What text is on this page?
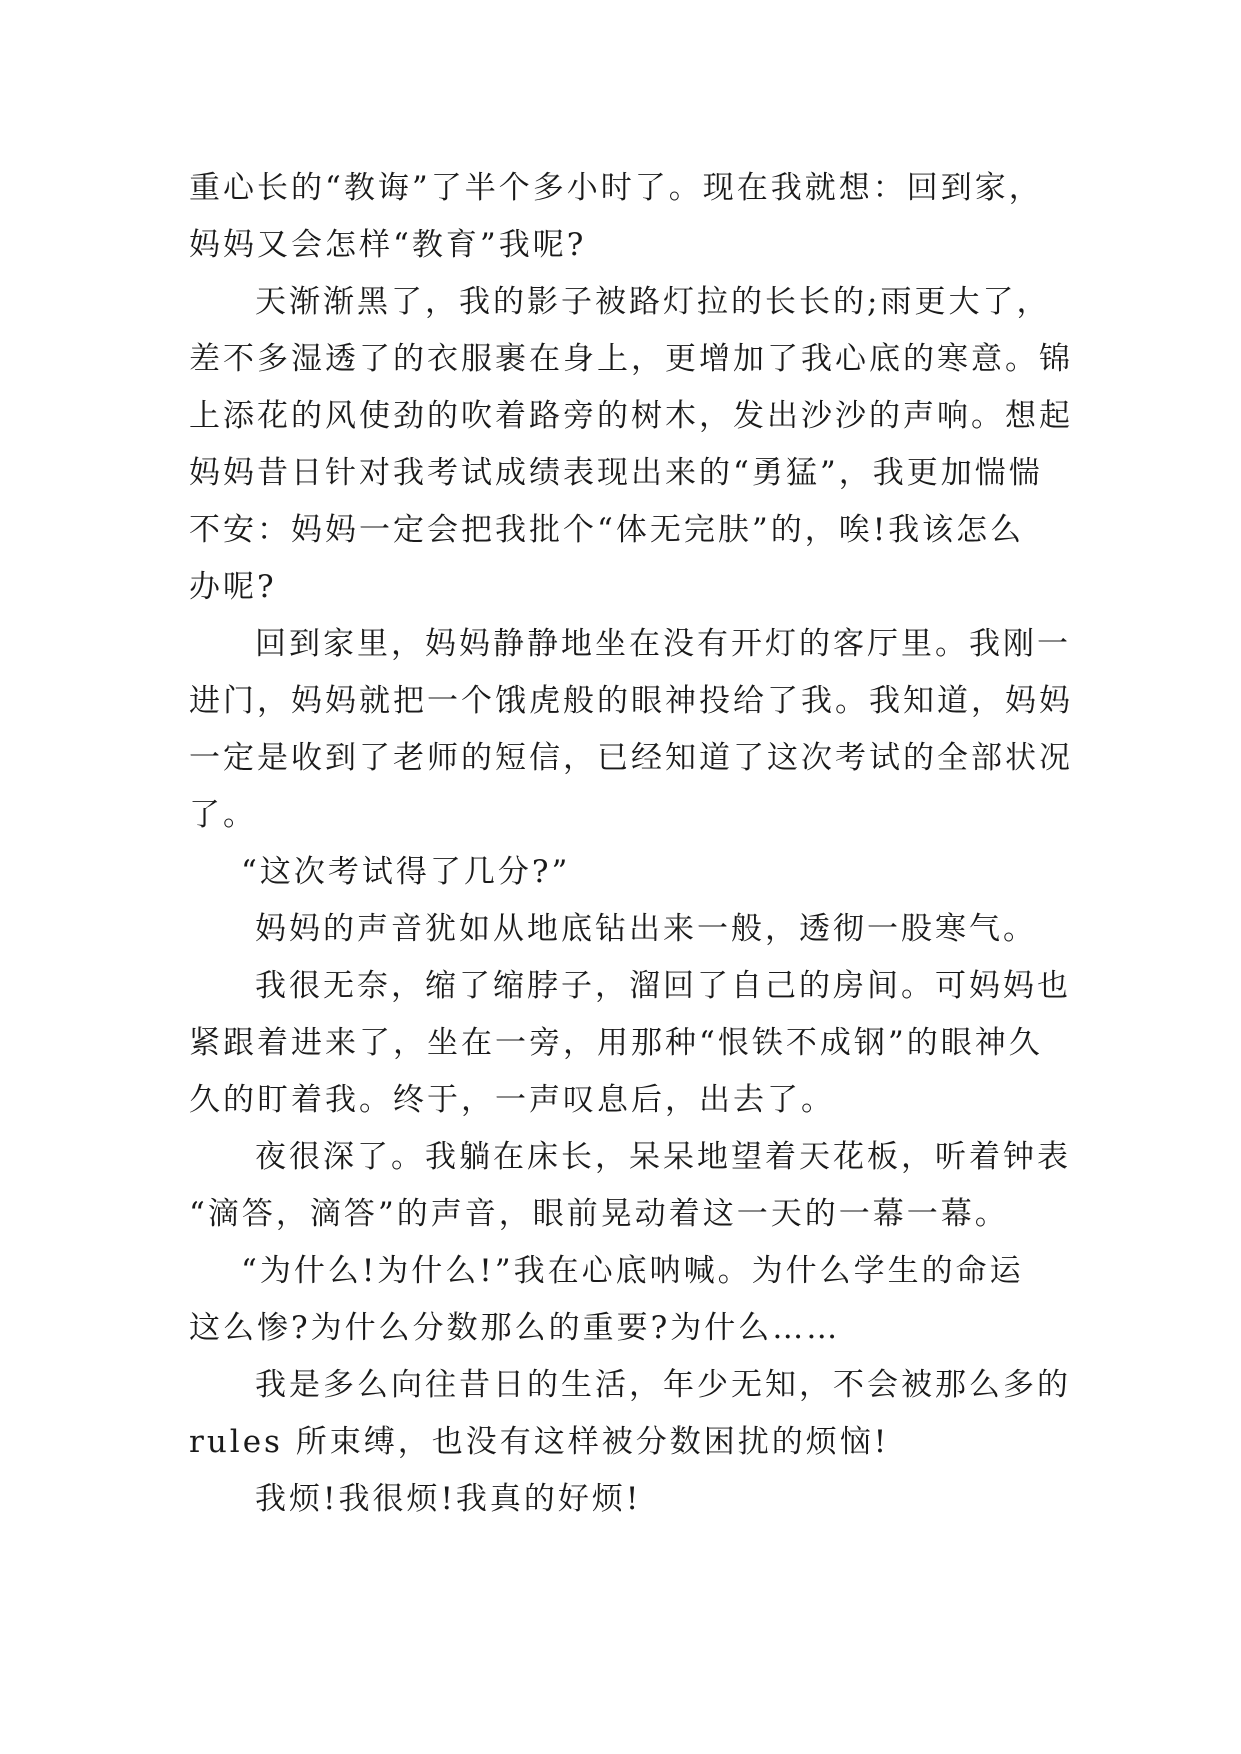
重心长的“教诲”了半个多小时了。现在我就想：回到家，
妈妈又会怎样“教育”我呢?
天渐渐黑了，我的影子被路灯拉的长长的;雨更大了，
差不多湿透了的衣服裹在身上，更增加了我心底的寒意。锦
上添花的风使劲的吹着路旁的树木，发出沙沙的声响。想起
妈妈昔日针对我考试成绩表现出来的“勇猛”，我更加惴惴
不安：妈妈一定会把我批个“体无完肤”的，唉!我该怎么
办呢?
回到家里，妈妈静静地坐在没有开灯的客厅里。我刚一
进门，妈妈就把一个饿虎般的眼神投给了我。我知道，妈妈
一定是收到了老师的短信，已经知道了这次考试的全部状况
了。
“这次考试得了几分?”
妈妈的声音犹如从地底钻出来一般，透彻一股寒气。
我很无奈，缩了缩脖子，溜回了自己的房间。可妈妈也
紧跟着进来了，坐在一旁，用那种“恨铁不成钢”的眼神久
久的盯着我。终于，一声叹息后，出去了。
夜很深了。我躺在床长，呆呆地望着天花板，听着钟表
“滴答，滴答”的声音，眼前晃动着这一天的一幕一幕。
“为什么!为什么!”我在心底呐喊。为什么学生的命运
这么惨?为什么分数那么的重要?为什么……
我是多么向往昔日的生活，年少无知，不会被那么多的
rules 所束缚，也没有这样被分数困扰的烦恼!
我烦!我很烦!我真的好烦!
